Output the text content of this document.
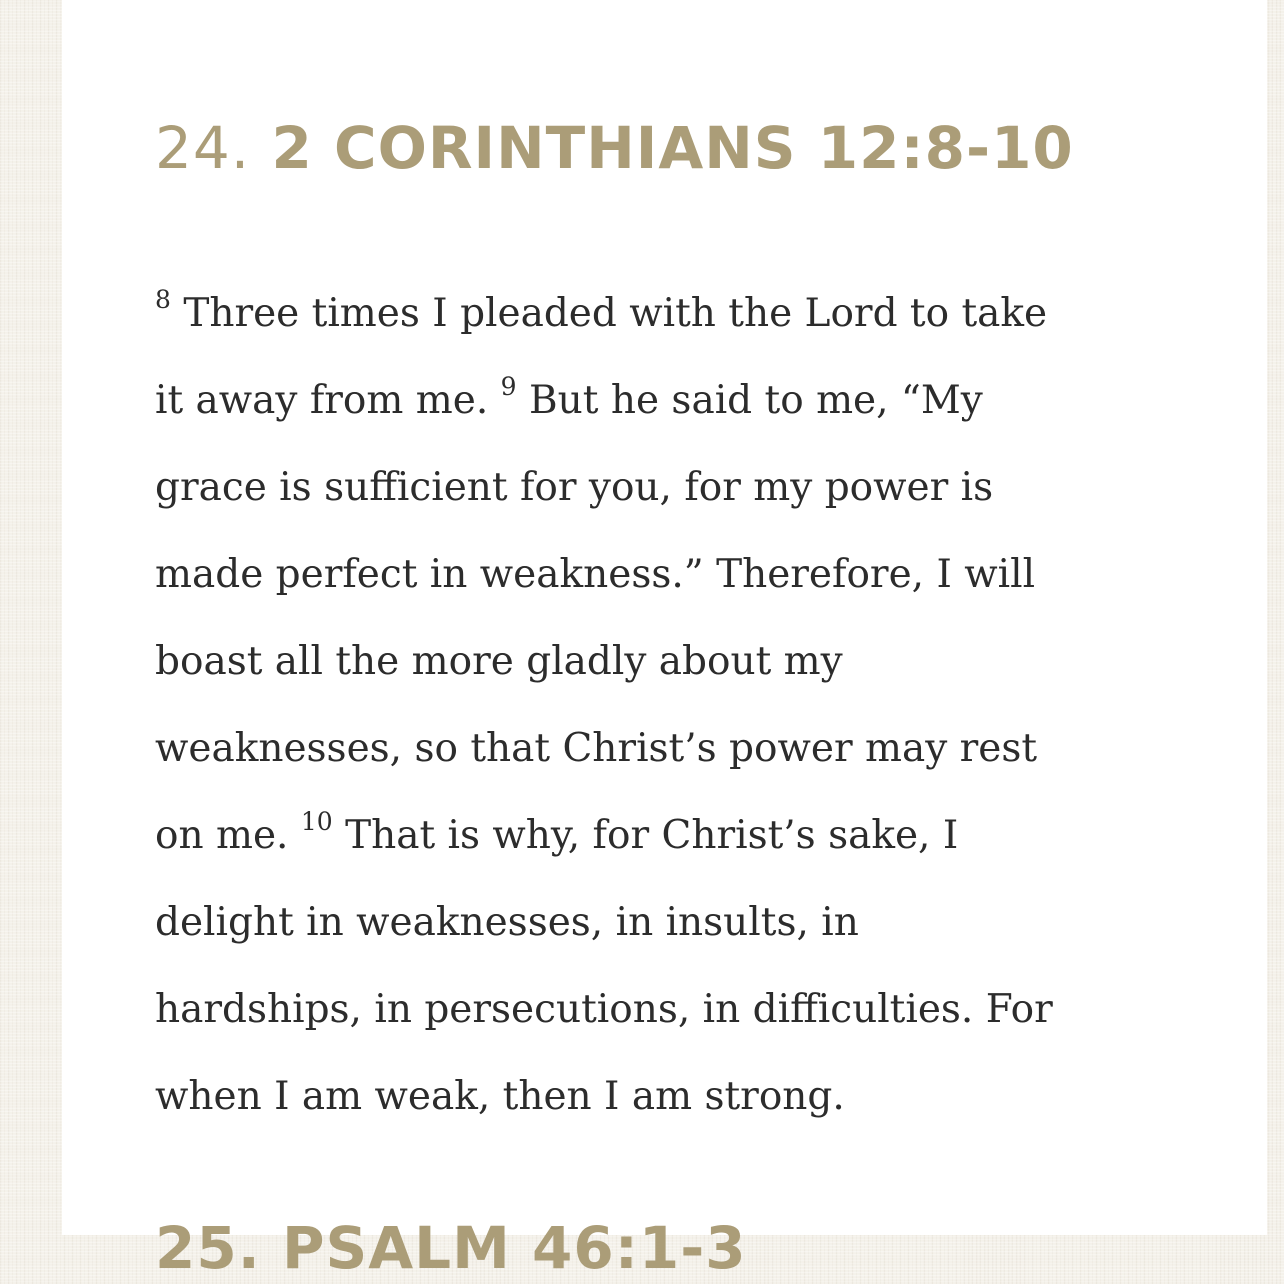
24. 2 CORINTHIANS 12:8-10
$^8$ Three times I pleaded with the Lord to take
it away from me. $^9$ But he said to me, “My
grace is sufficient for you, for my power is
made perfect in weakness.” Therefore, I will
boast all the more gladly about my
weaknesses, so that Christ’s power may rest
on me. $^{10}$ That is why, for Christ’s sake, I
delight in weaknesses, in insults, in
hardships, in persecutions, in difficulties. For
when I am weak, then I am strong.
25. PSALM 46:1-3
